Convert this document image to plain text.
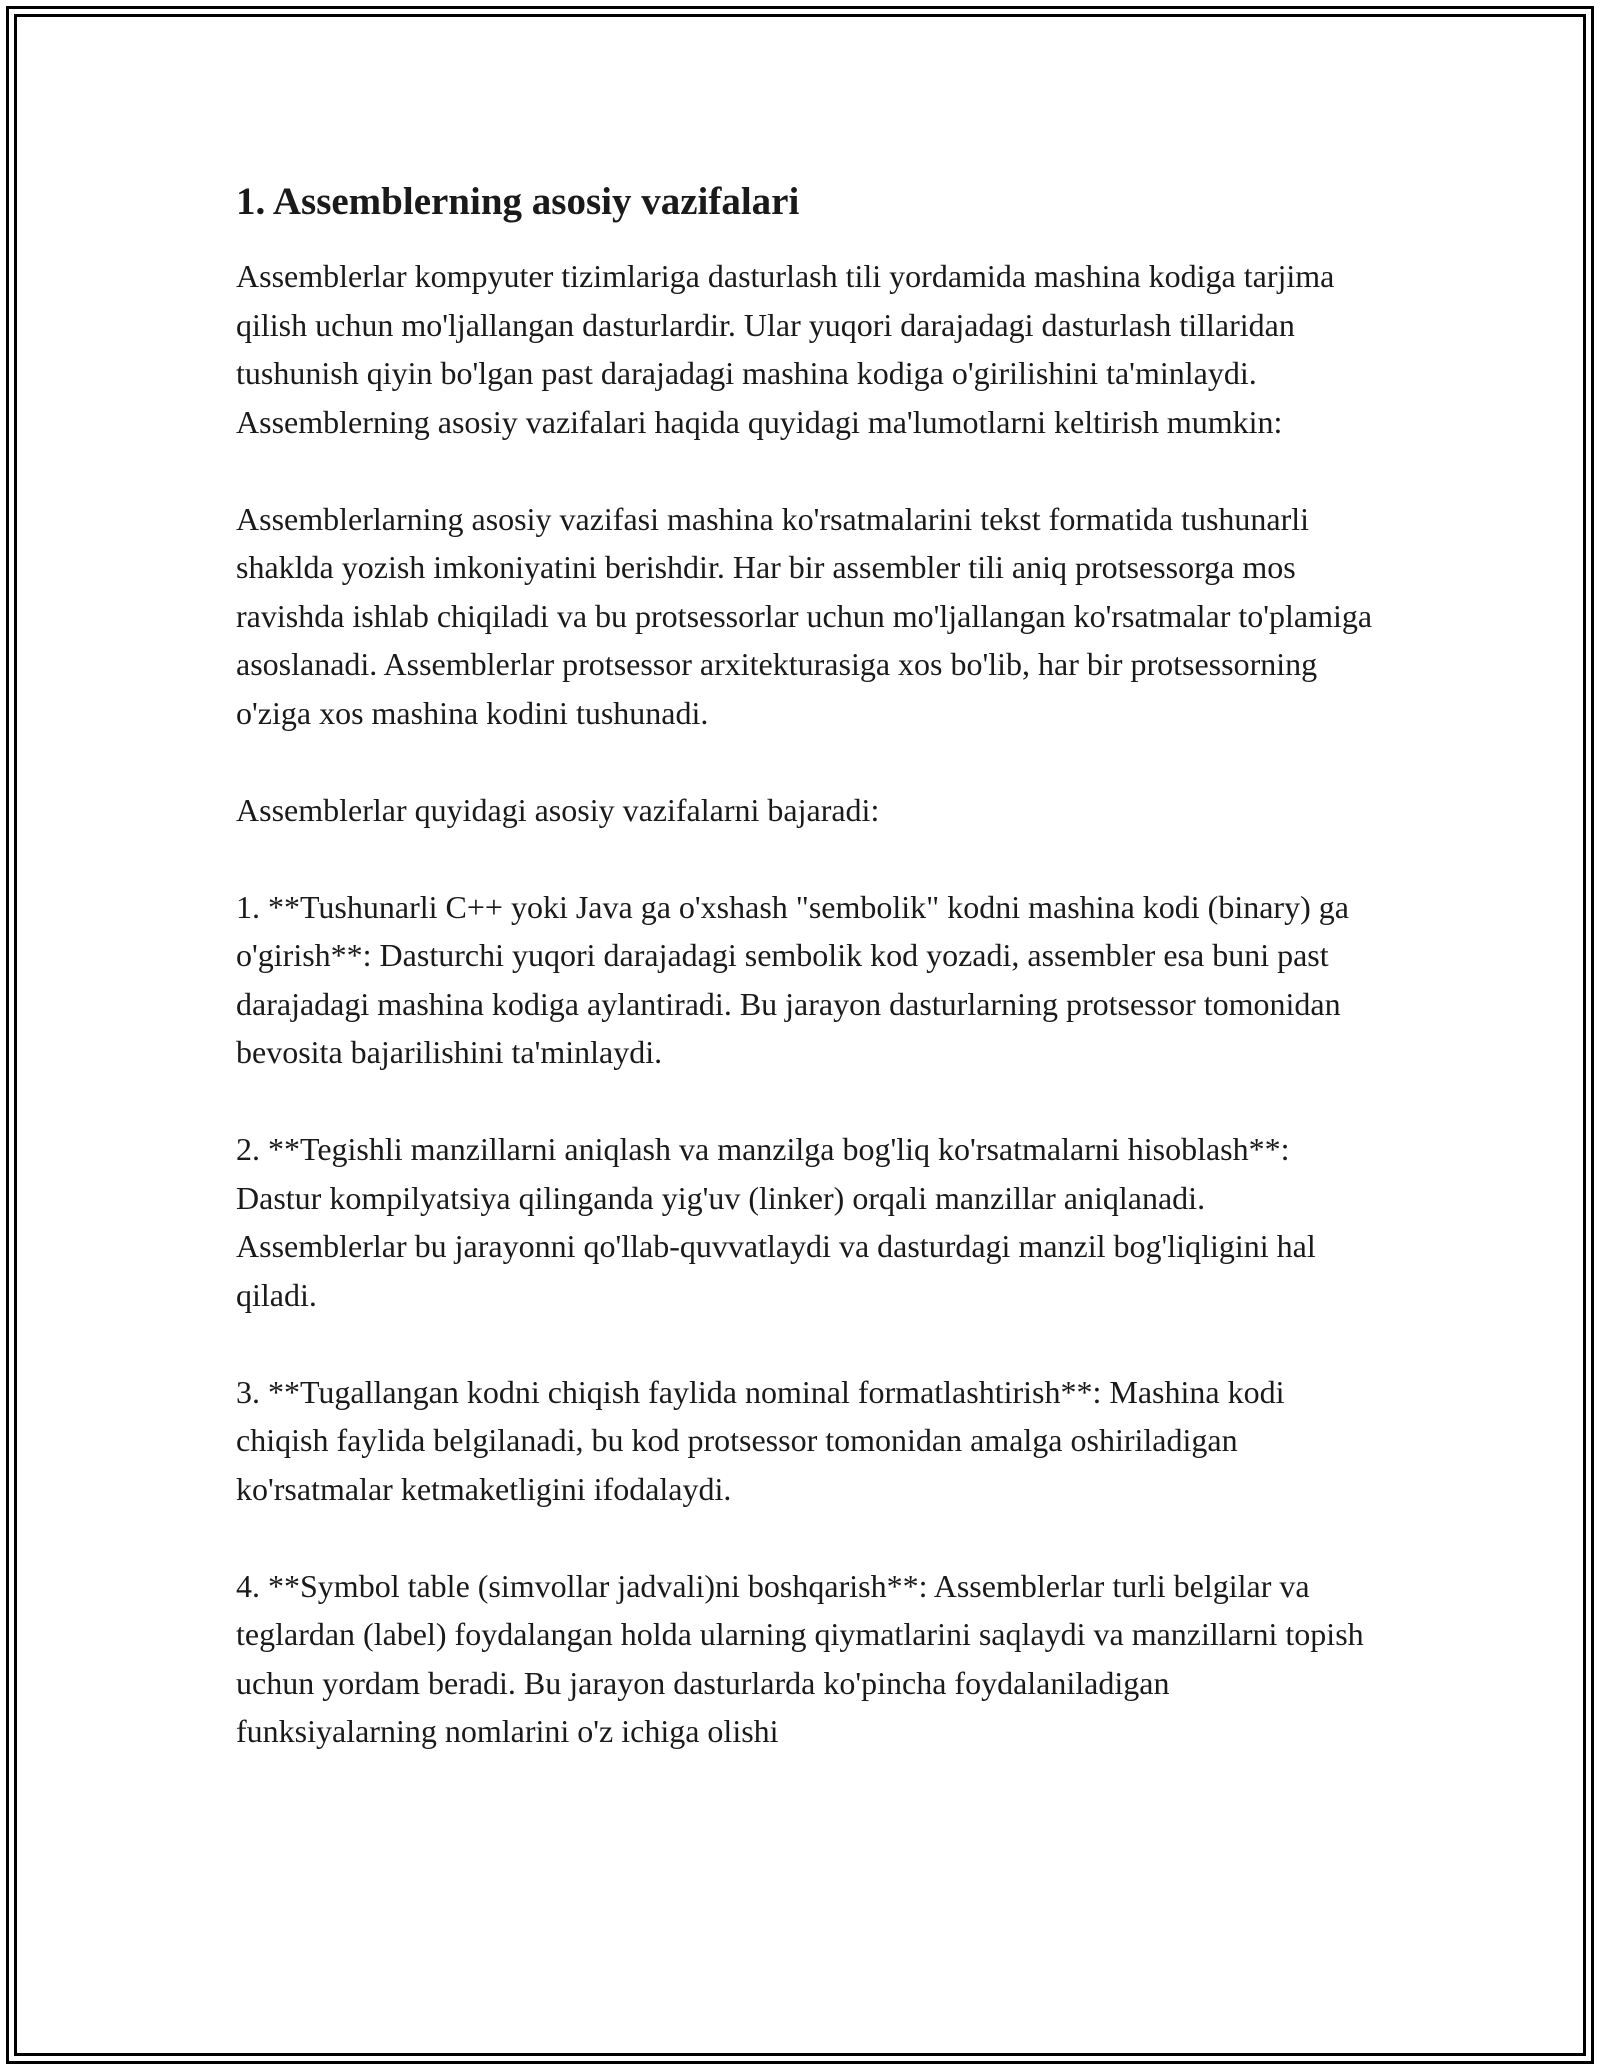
1. Assemblerning asosiy vazifalari

Assemblerlar kompyuter tizimlariga dasturlash tili yordamida mashina kodiga tarjima qilish uchun mo'ljallangan dasturlardir. Ular yuqori darajadagi dasturlash tillaridan tushunish qiyin bo'lgan past darajadagi mashina kodiga o'girilishini ta'minlaydi. Assemblerning asosiy vazifalari haqida quyidagi ma'lumotlarni keltirish mumkin:

Assemblerlarning asosiy vazifasi mashina ko'rsatmalarini tekst formatida tushunarli shaklda yozish imkoniyatini berishdir. Har bir assembler tili aniq protsessorga mos ravishda ishlab chiqiladi va bu protsessorlar uchun mo'ljallangan ko'rsatmalar to'plamiga asoslanadi. Assemblerlar protsessor arxitekturasiga xos bo'lib, har bir protsessorning o'ziga xos mashina kodini tushunadi.

Assemblerlar quyidagi asosiy vazifalarni bajaradi:

1. **Tushunarli C++ yoki Java ga o'xshash "sembolik" kodni mashina kodi (binary) ga o'girish**: Dasturchi yuqori darajadagi sembolik kod yozadi, assembler esa buni past darajadagi mashina kodiga aylantiradi. Bu jarayon dasturlarning protsessor tomonidan bevosita bajarilishini ta'minlaydi.

2. **Tegishli manzillarni aniqlash va manzilga bog'liq ko'rsatmalarni hisoblash**: Dastur kompilyatsiya qilinganda yig'uv (linker) orqali manzillar aniqlanadi. Assemblerlar bu jarayonni qo'llab-quvvatlaydi va dasturdagi manzil bog'liqligini hal qiladi.

3. **Tugallangan kodni chiqish faylida nominal formatlashtirish**: Mashina kodi chiqish faylida belgilanadi, bu kod protsessor tomonidan amalga oshiriladigan ko'rsatmalar ketmaketligini ifodalaydi.

4. **Symbol table (simvollar jadvali)ni boshqarish**: Assemblerlar turli belgilar va teglardan (label) foydalangan holda ularning qiymatlarini saqlaydi va manzillarni topish uchun yordam beradi. Bu jarayon dasturlarda ko'pincha foydalaniladigan funksiyalarning nomlarini o'z ichiga olishi
